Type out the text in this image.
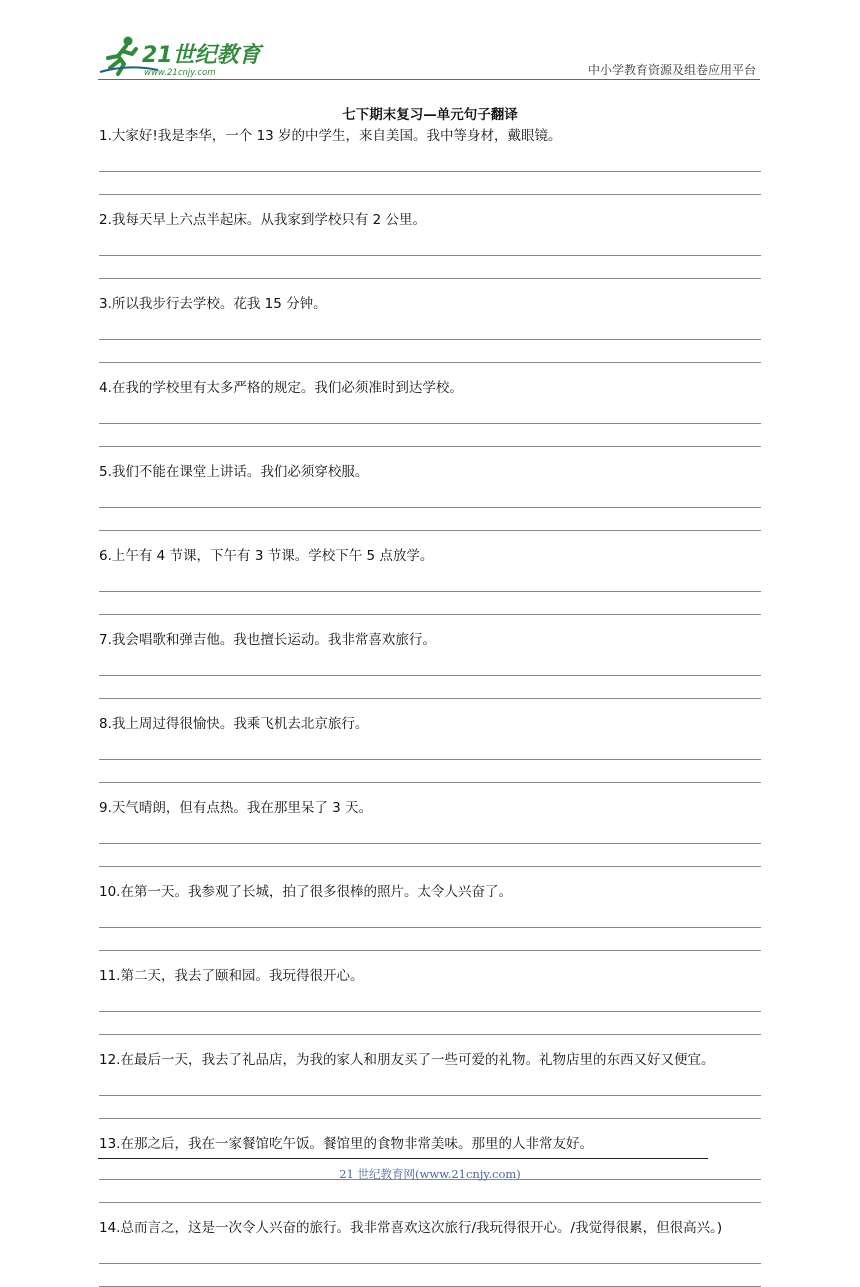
21世纪教育
www.21cnjy.com	中小学教育资源及组卷应用平台
七下期末复习—单元句子翻译

1.大家好!我是李华，一个 13 岁的中学生，来自美国。我中等身材，戴眼镜。

2.我每天早上六点半起床。从我家到学校只有 2 公里。

3.所以我步行去学校。花我 15 分钟。

4.在我的学校里有太多严格的规定。我们必须准时到达学校。

5.我们不能在课堂上讲话。我们必须穿校服。

6.上午有 4 节课，下午有 3 节课。学校下午 5 点放学。

7.我会唱歌和弹吉他。我也擅长运动。我非常喜欢旅行。

8.我上周过得很愉快。我乘飞机去北京旅行。

9.天气晴朗，但有点热。我在那里呆了 3 天。

10.在第一天。我参观了长城，拍了很多很棒的照片。太令人兴奋了。

11.第二天，我去了颐和园。我玩得很开心。

12.在最后一天，我去了礼品店，为我的家人和朋友买了一些可爱的礼物。礼物店里的东西又好又便宜。

13.在那之后，我在一家餐馆吃午饭。餐馆里的食物非常美味。那里的人非常友好。

14.总而言之，这是一次令人兴奋的旅行。我非常喜欢这次旅行/我玩得很开心。/我觉得很累，但很高兴。)

21 世纪教育网(www.21cnjy.com)
